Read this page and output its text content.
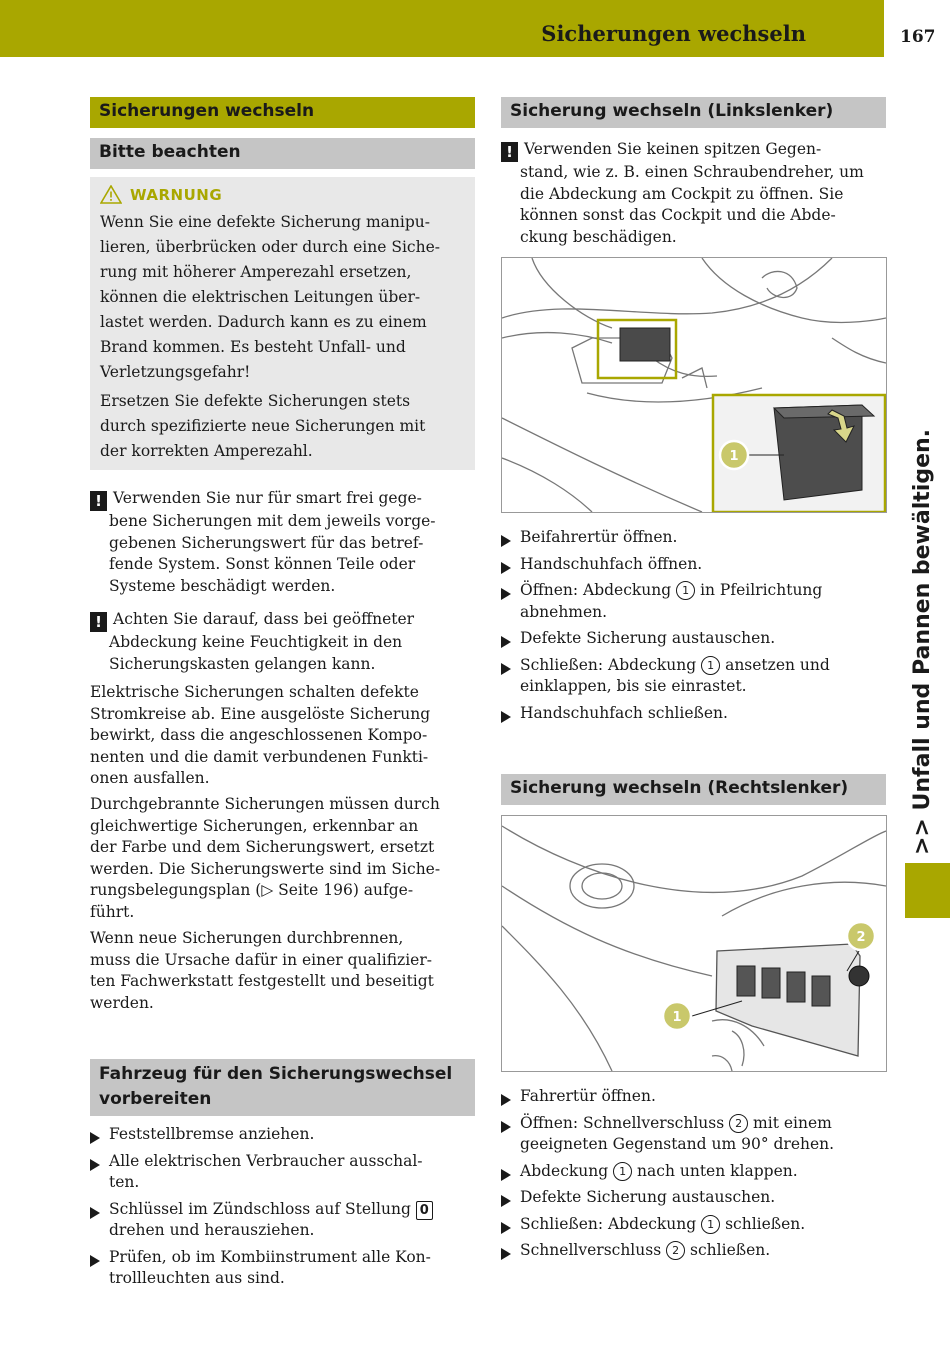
Sicherungen wechseln	167
>> Unfall und Pannen bewältigen.
Sicherungen wechseln
Bitte beachten
WARNUNG
Wenn Sie eine defekte Sicherung manipu-
lieren, überbrücken oder durch eine Siche-
rung mit höherer Amperezahl ersetzen,
können die elektrischen Leitungen über-
lastet werden. Dadurch kann es zu einem
Brand kommen. Es besteht Unfall- und
Verletzungsgefahr!
Ersetzen Sie defekte Sicherungen stets
durch spezifizierte neue Sicherungen mit
der korrekten Amperezahl.
! Verwenden Sie nur für smart frei gege-
bene Sicherungen mit dem jeweils vorge-
gebenen Sicherungswert für das betref-
fende System. Sonst können Teile oder
Systeme beschädigt werden.
! Achten Sie darauf, dass bei geöffneter
Abdeckung keine Feuchtigkeit in den
Sicherungskasten gelangen kann.
Elektrische Sicherungen schalten defekte
Stromkreise ab. Eine ausgelöste Sicherung
bewirkt, dass die angeschlossenen Kompo-
nenten und die damit verbundenen Funkti-
onen ausfallen.
Durchgebrannte Sicherungen müssen durch
gleichwertige Sicherungen, erkennbar an
der Farbe und dem Sicherungswert, ersetzt
werden. Die Sicherungswerte sind im Siche-
rungsbelegungsplan (▷ Seite 196) aufge-
führt.
Wenn neue Sicherungen durchbrennen,
muss die Ursache dafür in einer qualifizier-
ten Fachwerkstatt festgestellt und beseitigt
werden.
Fahrzeug für den Sicherungswechsel
vorbereiten
Feststellbremse anziehen.
Alle elektrischen Verbraucher ausschal-
ten.
Schlüssel im Zündschloss auf Stellung 0
drehen und herausziehen.
Prüfen, ob im Kombiinstrument alle Kon-
trollleuchten aus sind.
Sicherung wechseln (Linkslenker)
! Verwenden Sie keinen spitzen Gegen-
stand, wie z. B. einen Schraubendreher, um
die Abdeckung am Cockpit zu öffnen. Sie
können sonst das Cockpit und die Abde-
ckung beschädigen.
1
Beifahrertür öffnen.
Handschuhfach öffnen.
Öffnen: Abdeckung 1 in Pfeilrichtung
abnehmen.
Defekte Sicherung austauschen.
Schließen: Abdeckung 1 ansetzen und
einklappen, bis sie einrastet.
Handschuhfach schließen.
Sicherung wechseln (Rechtslenker)
2
1
Fahrertür öffnen.
Öffnen: Schnellverschluss 2 mit einem
geeigneten Gegenstand um 90° drehen.
Abdeckung 1 nach unten klappen.
Defekte Sicherung austauschen.
Schließen: Abdeckung 1 schließen.
Schnellverschluss 2 schließen.
